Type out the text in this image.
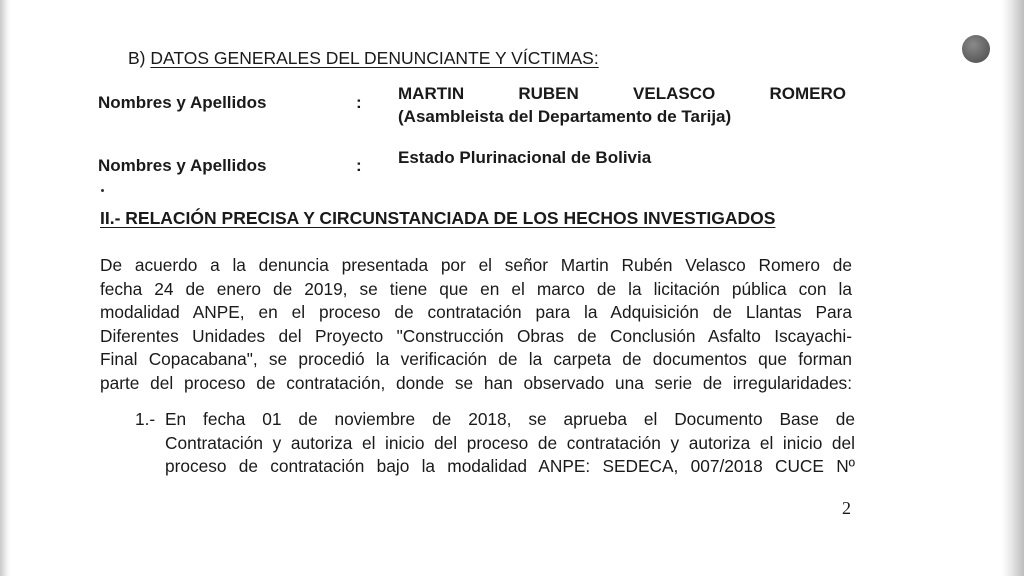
B) DATOS GENERALES DEL DENUNCIANTE Y VÍCTIMAS:
Nombres y Apellidos	: MARTIN RUBEN VELASCO ROMERO
(Asambleista del Departamento de Tarija)
Nombres y Apellidos	: Estado Plurinacional de Bolivia
II.- RELACIÓN PRECISA Y CIRCUNSTANCIADA DE LOS HECHOS INVESTIGADOS
De acuerdo a la denuncia presentada por el señor Martin Rubén Velasco Romero de
fecha 24 de enero de 2019, se tiene que en el marco de la licitación pública con la
modalidad ANPE, en el proceso de contratación para la Adquisición de Llantas Para
Diferentes Unidades del Proyecto "Construcción Obras de Conclusión Asfalto Iscayachi-
Final Copacabana", se procedió la verificación de la carpeta de documentos que forman
parte del proceso de contratación, donde se han observado una serie de irregularidades:
1.- En fecha 01 de noviembre de 2018, se aprueba el Documento Base de
Contratación y autoriza el inicio del proceso de contratación y autoriza el inicio del
proceso de contratación bajo la modalidad ANPE: SEDECA, 007/2018 CUCE Nº
2
